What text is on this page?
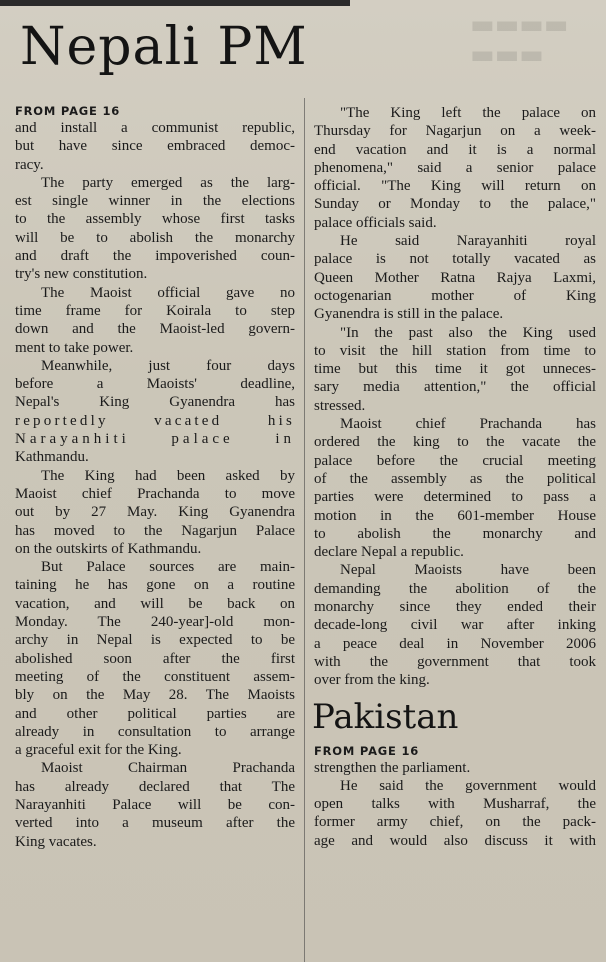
▬▬▬▬
▬▬▬
Nepali PM
FROM PAGE 16
and install a communist republic,
but have since embraced democ-
racy.
The party emerged as the larg-
est single winner in the elections
to the assembly whose first tasks
will be to abolish the monarchy
and draft the impoverished coun-
try's new constitution.
The Maoist official gave no
time frame for Koirala to step
down and the Maoist-led govern-
ment to take power.
Meanwhile, just four days
before a Maoists' deadline,
Nepal's King Gyanendra has
reportedly vacated his
Narayanhiti palace in
Kathmandu.
The King had been asked by
Maoist chief Prachanda to move
out by 27 May. King Gyanendra
has moved to the Nagarjun Palace
on the outskirts of Kathmandu.
But Palace sources are main-
taining he has gone on a routine
vacation, and will be back on
Monday. The 240-year]-old mon-
archy in Nepal is expected to be
abolished soon after the first
meeting of the constituent assem-
bly on the May 28. The Maoists
and other political parties are
already in consultation to arrange
a graceful exit for the King.
Maoist Chairman Prachanda
has already declared that The
Narayanhiti Palace will be con-
verted into a museum after the
King vacates.
"The King left the palace on
Thursday for Nagarjun on a week-
end vacation and it is a normal
phenomena," said a senior palace
official. "The King will return on
Sunday or Monday to the palace,"
palace officials said.
He said Narayanhiti royal
palace is not totally vacated as
Queen Mother Ratna Rajya Laxmi,
octogenarian mother of King
Gyanendra is still in the palace.
"In the past also the King used
to visit the hill station from time to
time but this time it got unneces-
sary media attention," the official
stressed.
Maoist chief Prachanda has
ordered the king to the vacate the
palace before the crucial meeting
of the assembly as the political
parties were determined to pass a
motion in the 601-member House
to abolish the monarchy and
declare Nepal a republic.
Nepal Maoists have been
demanding the abolition of the
monarchy since they ended their
decade-long civil war after inking
a peace deal in November 2006
with the government that took
over from the king.
Pakistan
FROM PAGE 16
strengthen the parliament.
He said the government would
open talks with Musharraf, the
former army chief, on the pack-
age and would also discuss it with
